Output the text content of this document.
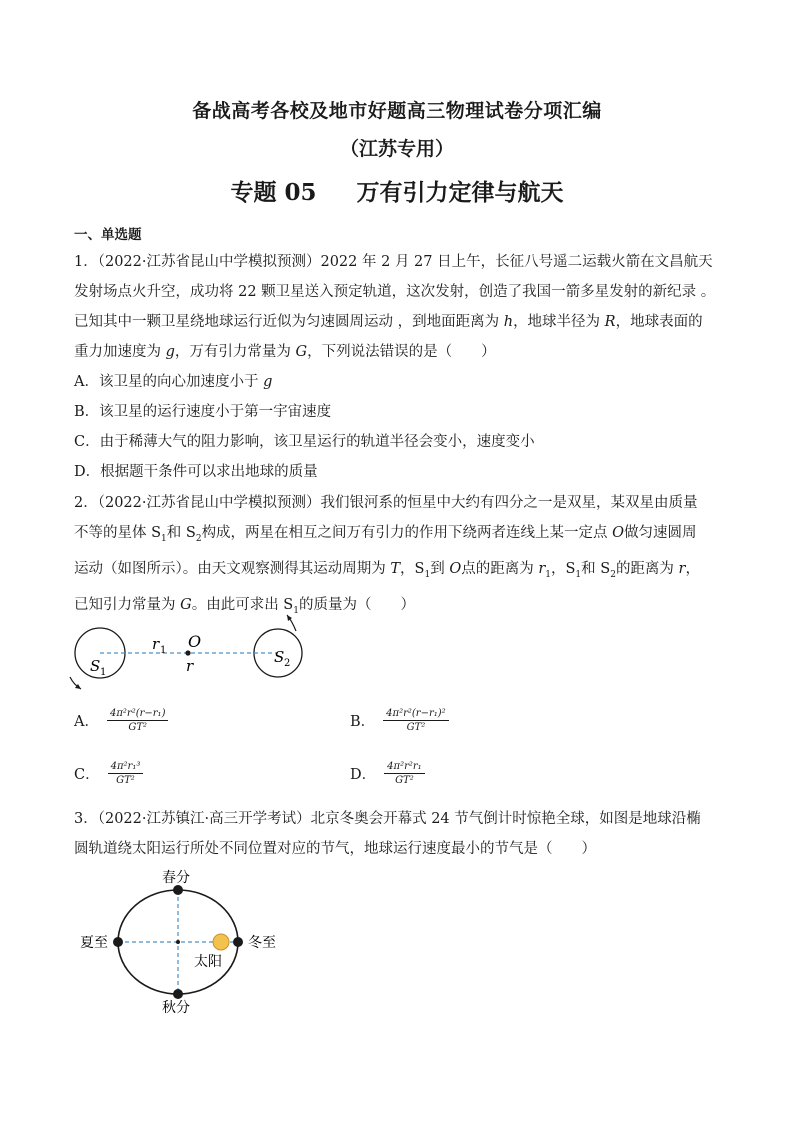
备战高考各校及地市好题高三物理试卷分项汇编
（江苏专用）
专题 05 万有引力定律与航天
一、单选题
1．（2022·江苏省昆山中学模拟预测）2022 年 2 月 27 日上午，长征八号遥二运载火箭在文昌航天
发射场点火升空，成功将 22 颗卫星送入预定轨道，这次发射，创造了我国一箭多星发射的新纪录 。
已知其中一颗卫星绕地球运行近似为匀速圆周运动 ，到地面距离为 h，地球半径为 R，地球表面的
重力加速度为 g，万有引力常量为 G，下列说法错误的是（　　）
A．该卫星的向心加速度小于 g
B．该卫星的运行速度小于第一宇宙速度
C．由于稀薄大气的阻力影响，该卫星运行的轨道半径会变小，速度变小
D．根据题干条件可以求出地球的质量
2．（2022·江苏省昆山中学模拟预测）我们银河系的恒星中大约有四分之一是双星，某双星由质量
不等的星体 $S_1$和 $S_2$构成，两星在相互之间万有引力的作用下绕两者连线上某一定点 O做匀速圆周
运动（如图所示）。由天文观察测得其运动周期为 T，$S_1$到 O点的距离为 $r_1$，$S_1$和 $S_2$的距离为 r，
已知引力常量为 G。由此可求出 $S_1$的质量为（　　）
r 1 O
r
S 1
S 2
A． $\frac{\text{4π²r²(r−r₁)}}{\text{GT²}}$	B． $\frac{\text{4π²r²(r−r₁)²}}{\text{GT²}}$
C． $\frac{\text{4π²r₁³}}{\text{GT²}}$	D． $\frac{\text{4π²r²r₁}}{\text{GT²}}$
3．（2022·江苏镇江·高三开学考试）北京冬奥会开幕式 24 节气倒计时惊艳全球，如图是地球沿椭
圆轨道绕太阳运行所处不同位置对应的节气，地球运行速度最小的节气是（　　）
春分
夏至	冬至
秋分
太阳
